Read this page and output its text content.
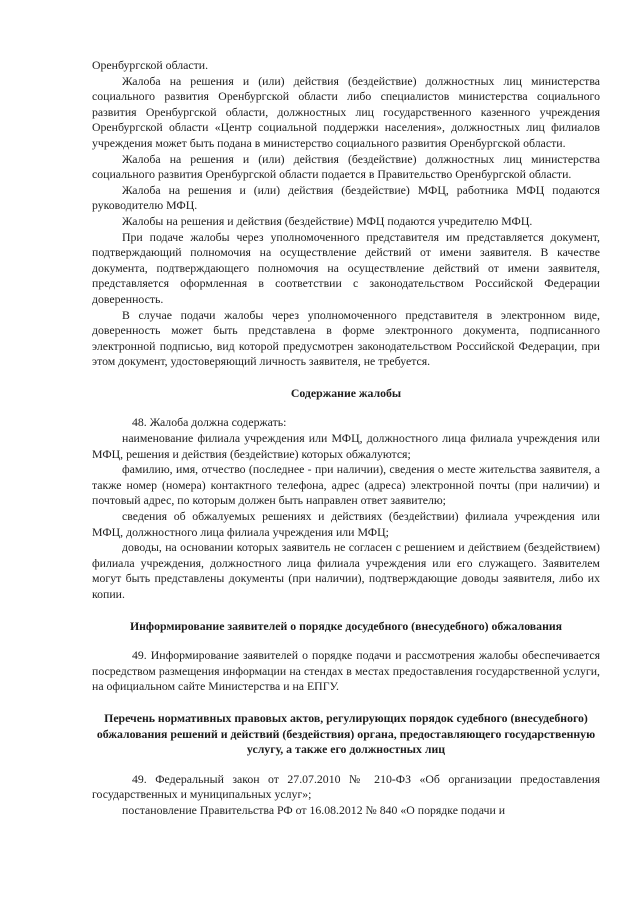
Оренбургской области.

Жалоба на решения и (или) действия (бездействие) должностных лиц министерства социального развития Оренбургской области либо специалистов министерства социального развития Оренбургской области, должностных лиц государственного казенного учреждения Оренбургской области «Центр социальной поддержки населения», должностных лиц филиалов учреждения может быть подана в министерство социального развития Оренбургской области.

Жалоба на решения и (или) действия (бездействие) должностных лиц министерства социального развития Оренбургской области подается в Правительство Оренбургской области.

Жалоба на решения и (или) действия (бездействие) МФЦ, работника МФЦ подаются руководителю МФЦ.

Жалобы на решения и действия (бездействие) МФЦ подаются учредителю МФЦ.

При подаче жалобы через уполномоченного представителя им представляется документ, подтверждающий полномочия на осуществление действий от имени заявителя. В качестве документа, подтверждающего полномочия на осуществление действий от имени заявителя, представляется оформленная в соответствии с законодательством Российской Федерации доверенность.

В случае подачи жалобы через уполномоченного представителя в электронном виде, доверенность может быть представлена в форме электронного документа, подписанного электронной подписью, вид которой предусмотрен законодательством Российской Федерации, при этом документ, удостоверяющий личность заявителя, не требуется.

Содержание жалобы

48. Жалоба должна содержать:

наименование филиала учреждения или МФЦ, должностного лица филиала учреждения или МФЦ, решения и действия (бездействие) которых обжалуются;

фамилию, имя, отчество (последнее - при наличии), сведения о месте жительства заявителя, а также номер (номера) контактного телефона, адрес (адреса) электронной почты (при наличии) и почтовый адрес, по которым должен быть направлен ответ заявителю;

сведения об обжалуемых решениях и действиях (бездействии) филиала учреждения или МФЦ, должностного лица филиала учреждения или МФЦ;

доводы, на основании которых заявитель не согласен с решением и действием (бездействием) филиала учреждения, должностного лица филиала учреждения или его служащего. Заявителем могут быть представлены документы (при наличии), подтверждающие доводы заявителя, либо их копии.

Информирование заявителей о порядке досудебного (внесудебного) обжалования

49. Информирование заявителей о порядке подачи и рассмотрения жалобы обеспечивается посредством размещения информации на стендах в местах предоставления государственной услуги, на официальном сайте Министерства и на ЕПГУ.

Перечень нормативных правовых актов, регулирующих порядок судебного (внесудебного) обжалования решений и действий (бездействия) органа, предоставляющего государственную услугу, а также его должностных лиц

49. Федеральный закон от 27.07.2010 № 210-ФЗ «Об организации предоставления государственных и муниципальных услуг»;

постановление Правительства РФ от 16.08.2012 № 840 «О порядке подачи и
